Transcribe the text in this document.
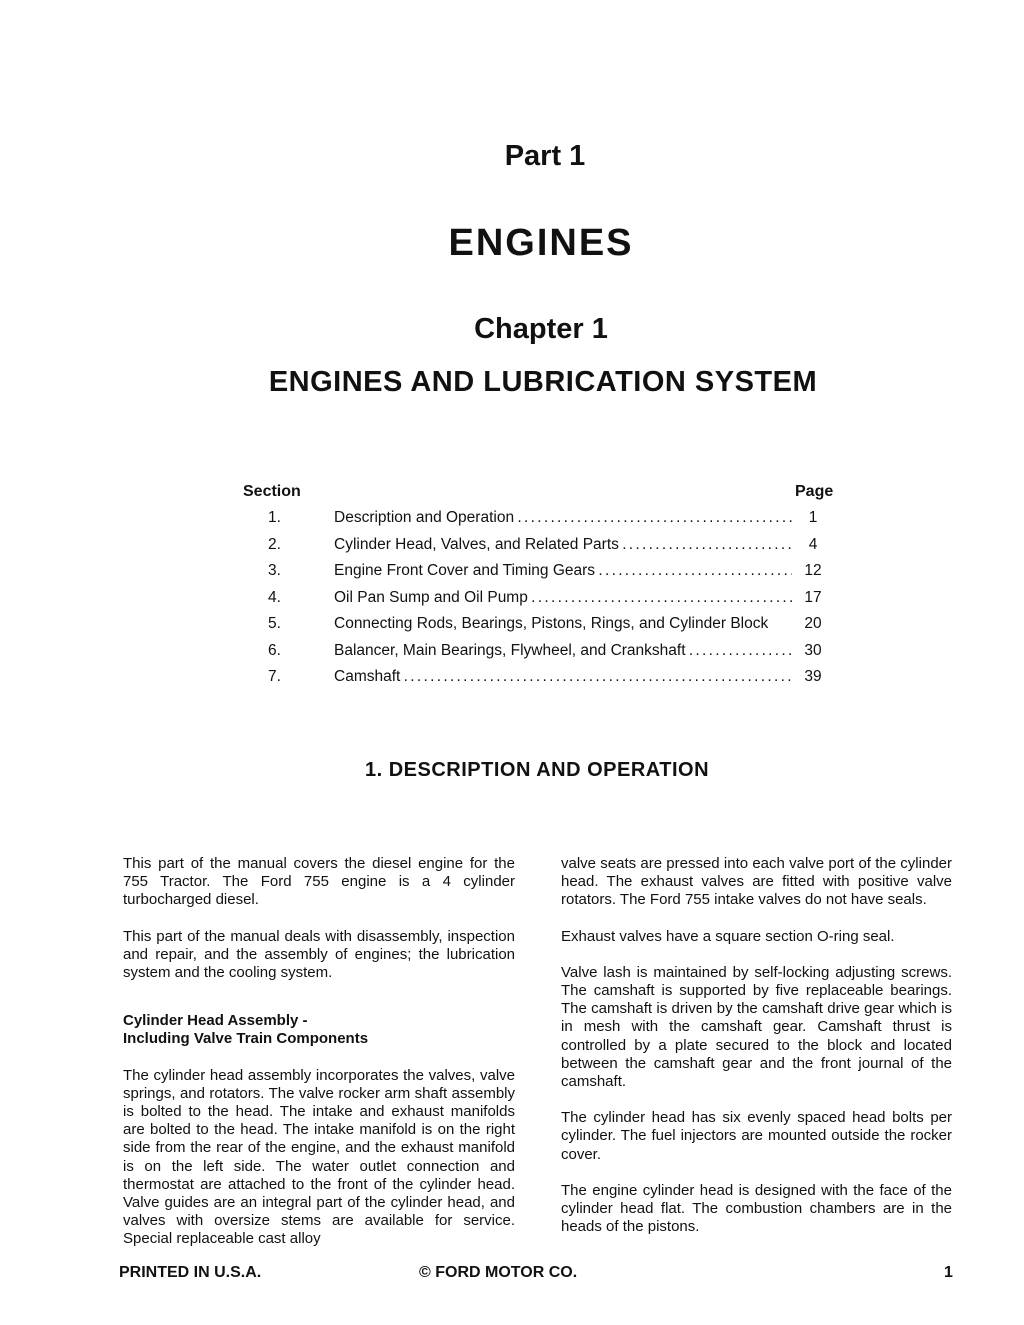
Part 1
ENGINES
Chapter 1
ENGINES AND LUBRICATION SYSTEM
Section	Page
1.	Description and Operation . . .	1
2.	Cylinder Head, Valves, and Related Parts . . .	4
3.	Engine Front Cover and Timing Gears . . .	12
4.	Oil Pan Sump and Oil Pump . . .	17
5.	Connecting Rods, Bearings, Pistons, Rings, and Cylinder Block	20
6.	Balancer, Main Bearings, Flywheel, and Crankshaft . . .	30
7.	Camshaft . . .	39
1. DESCRIPTION AND OPERATION

This part of the manual covers the diesel engine for the 755 Tractor. The Ford 755 engine is a 4 cylinder turbocharged diesel.

This part of the manual deals with disassembly, inspection and repair, and the assembly of engines; the lubrication system and the cooling system.

Cylinder Head Assembly -
Including Valve Train Components

The cylinder head assembly incorporates the valves, valve springs, and rotators. The valve rocker arm shaft assembly is bolted to the head. The intake and exhaust manifolds are bolted to the head. The intake manifold is on the right side from the rear of the engine, and the exhaust manifold is on the left side. The water outlet connection and thermostat are attached to the front of the cylinder head. Valve guides are an integral part of the cylinder head, and valves with oversize stems are available for service. Special replaceable cast alloy

valve seats are pressed into each valve port of the cylinder head. The exhaust valves are fitted with positive valve rotators. The Ford 755 intake valves do not have seals.

Exhaust valves have a square section O-ring seal.

Valve lash is maintained by self-locking adjusting screws. The camshaft is supported by five replaceable bearings. The camshaft is driven by the camshaft drive gear which is in mesh with the camshaft gear. Camshaft thrust is controlled by a plate secured to the block and located between the camshaft gear and the front journal of the camshaft.

The cylinder head has six evenly spaced head bolts per cylinder. The fuel injectors are mounted outside the rocker cover.

The engine cylinder head is designed with the face of the cylinder head flat. The combustion chambers are in the heads of the pistons.

PRINTED IN U.S.A.	© FORD MOTOR CO.	1
